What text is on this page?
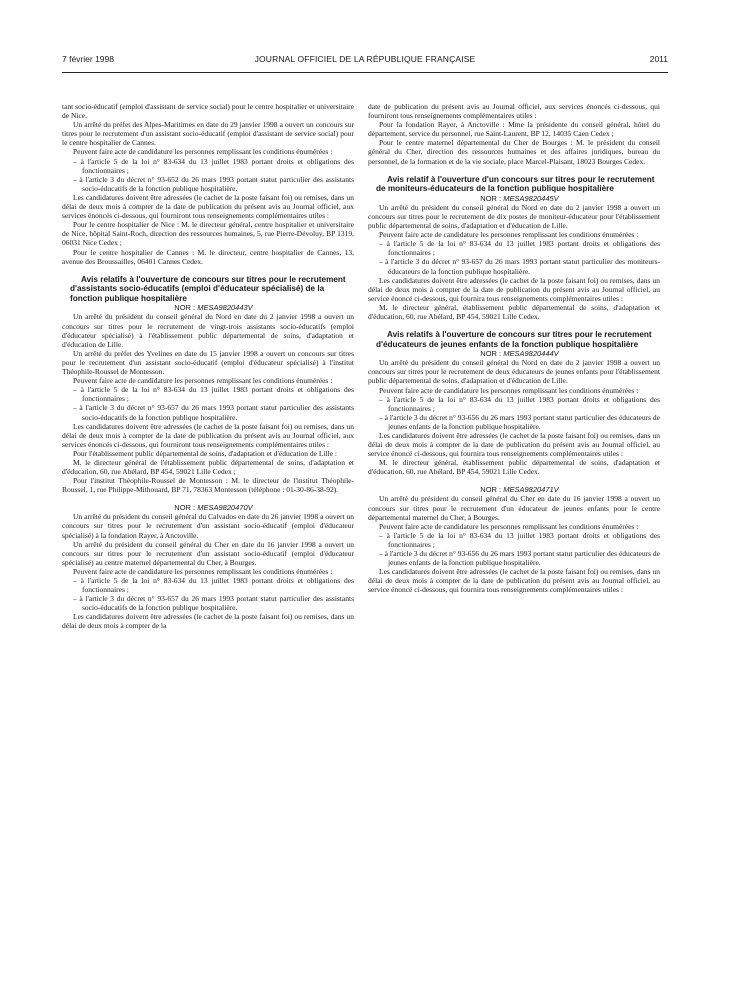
7 février 1998	JOURNAL OFFICIEL DE LA RÉPUBLIQUE FRANÇAISE	2011

tant socio-éducatif (emploi d'assistant de service social) pour le centre hospitalier et universitaire de Nice.

Un arrêté du préfet des Alpes-Maritimes en date du 29 janvier 1998 a ouvert un concours sur titres pour le recrutement d'un assistant socio-éducatif (emploi d'assistant de service social) pour le centre hospitalier de Cannes.

Peuvent faire acte de candidature les personnes remplissant les conditions énumérées :

– à l'article 5 de la loi n° 83-634 du 13 juillet 1983 portant droits et obligations des fonctionnaires ;

– à l'article 3 du décret n° 93-652 du 26 mars 1993 portant statut particulier des assistants socio-éducatifs de la fonction publique hospitalière.

Les candidatures doivent être adressées (le cachet de la poste faisant foi) ou remises, dans un délai de deux mois à compter de la date de publication du présent avis au Journal officiel, aux services énoncés ci-dessous, qui fourniront tous renseignements complémentaires utiles :

Pour le centre hospitalier de Nice : M. le directeur général, centre hospitalier et universitaire de Nice, hôpital Saint-Roch, direction des ressources humaines, 5, rue Pierre-Dévoluy, BP 1319, 06031 Nice Cedex ;

Pour le centre hospitalier de Cannes : M. le directeur, centre hospitalier de Cannes, 13, avenue des Broussailles, 06401 Cannes Cedex.

Avis relatifs à l'ouverture de concours sur titres pour le recrutement d'assistants socio-éducatifs (emploi d'éducateur spécialisé) de la fonction publique hospitalière

NOR : MESA9820443V

Un arrêté du président du conseil général du Nord en date du 2 janvier 1998 a ouvert un concours sur titres pour le recrutement de vingt-trois assistants socio-éducatifs (emploi d'éducateur spécialisé) à l'établissement public départemental de soins, d'adaptation et d'éducation de Lille.

Un arrêté du préfet des Yvelines en date du 15 janvier 1998 a ouvert un concours sur titres pour le recrutement d'un assistant socio-éducatif (emploi d'éducateur spécialisé) à l'institut Théophile-Roussel de Montesson.

Peuvent faire acte de candidature les personnes remplissant les conditions énumérées :

– à l'article 5 de la loi n° 83-634 du 13 juillet 1983 portant droits et obligations des fonctionnaires ;

– à l'article 3 du décret n° 93-657 du 26 mars 1993 portant statut particulier des assistants socio-éducatifs de la fonction publique hospitalière.

Les candidatures doivent être adressées (le cachet de la poste faisant foi) ou remises, dans un délai de deux mois à compter de la date de publication du présent avis au Journal officiel, aux services énoncés ci-dessous, qui fourniront tous renseignements complémentaires utiles :

Pour l'établissement public départemental de soins, d'adaptation et d'éducation de Lille :

M. le directeur général de l'établissement public départemental de soins, d'adaptation et d'éducation, 60, rue Abélard, BP 454, 59021 Lille Cedex ;

Pour l'institut Théophile-Roussel de Montesson : M. le directeur de l'institut Théophile-Roussel, 1, rue Philippe-Mithouard, BP 71, 78363 Montesson (téléphone : 01-30-86-38-92).

NOR : MESA9820470V

Un arrêté du président du conseil général du Calvados en date du 26 janvier 1998 a ouvert un concours sur titres pour le recrutement d'un assistant socio-éducatif (emploi d'éducateur spécialisé) à la fondation Rayer, à Anctoville.

Un arrêté du président du conseil général du Cher en date du 16 janvier 1998 a ouvert un concours sur titres pour le recrutement d'un assistant socio-éducatif (emploi d'éducateur spécialisé) au centre maternel départemental du Cher, à Bourges.

Peuvent faire acte de candidature les personnes remplissant les conditions énumérées :

– à l'article 5 de la loi n° 83-634 du 13 juillet 1983 portant droits et obligations des fonctionnaires ;

– à l'article 3 du décret n° 93-657 du 26 mars 1993 portant statut particulier des assistants socio-éducatifs de la fonction publique hospitalière.

Les candidatures doivent être adressées (le cachet de la poste faisant foi) ou remises, dans un délai de deux mois à compter de la

date de publication du présent avis au Journal officiel, aux services énoncés ci-dessous, qui fourniront tous renseignements complémentaires utiles :

Pour la fondation Rayer, à Anctoville : Mme la présidente du conseil général, hôtel du département, service du personnel, rue Saint-Laurent, BP 12, 14035 Caen Cedex ;

Pour le centre maternel départemental du Cher de Bourges : M. le président du conseil général du Cher, direction des ressources humaines et des affaires juridiques, bureau du personnel, de la formation et de la vie sociale, place Marcel-Plaisant, 18023 Bourges Cedex.

Avis relatif à l'ouverture d'un concours sur titres pour le recrutement de moniteurs-éducateurs de la fonction publique hospitalière

NOR : MESA9820445V

Un arrêté du président du conseil général du Nord en date du 2 janvier 1998 a ouvert un concours sur titres pour le recrutement de dix postes de moniteur-éducateur pour l'établissement public départemental de soins, d'adaptation et d'éducation de Lille.

Peuvent faire acte de candidature les personnes remplissant les conditions énumérées :

– à l'article 5 de la loi n° 83-634 du 13 juillet 1983 portant droits et obligations des fonctionnaires ;

– à l'article 3 du décret n° 93-657 du 26 mars 1993 portant statut particulier des moniteurs-éducateurs de la fonction publique hospitalière.

Les candidatures doivent être adressées (le cachet de la poste faisant foi) ou remises, dans un délai de deux mois à compter de la date de publication du présent avis au Journal officiel, au service énoncé ci-dessous, qui fournira tous renseignements complémentaires utiles :

M. le directeur général, établissement public départemental de soins, d'adaptation et d'éducation, 60, rue Abélard, BP 454, 59021 Lille Cedex.

Avis relatifs à l'ouverture de concours sur titres pour le recrutement d'éducateurs de jeunes enfants de la fonction publique hospitalière

NOR : MESA9820444V

Un arrêté du président du conseil général du Nord en date du 2 janvier 1998 a ouvert un concours sur titres pour le recrutement de deux éducateurs de jeunes enfants pour l'établissement public départemental de soins, d'adaptation et d'éducation de Lille.

Peuvent faire acte de candidature les personnes remplissant les conditions énumérées :

– à l'article 5 de la loi n° 83-634 du 13 juillet 1983 portant droits et obligations des fonctionnaires ;

– à l'article 3 du décret n° 93-656 du 26 mars 1993 portant statut particulier des éducateurs de jeunes enfants de la fonction publique hospitalière.

Les candidatures doivent être adressées (le cachet de la poste faisant foi) ou remises, dans un délai de deux mois à compter de la date de publication du présent avis au Journal officiel, au service énoncé ci-dessous, qui fournira tous renseignements complémentaires utiles :

M. le directeur général, établissement public départemental de soins, d'adaptation et d'éducation, 60, rue Abélard, BP 454, 59021 Lille Cedex.

NOR : MESA9820471V

Un arrêté du président du conseil général du Cher en date du 16 janvier 1998 a ouvert un concours sur titres pour le recrutement d'un éducateur de jeunes enfants pour le centre départemental maternel du Cher, à Bourges.

Peuvent faire acte de candidature les personnes remplissant les conditions énumérées :

– à l'article 5 de la loi n° 83-634 du 13 juillet 1983 portant droits et obligations des fonctionnaires ;

– à l'article 3 du décret n° 93-656 du 26 mars 1993 portant statut particulier des éducateurs de jeunes enfants de la fonction publique hospitalière.

Les candidatures doivent être adressées (le cachet de la poste faisant foi) ou remises, dans un délai de deux mois à compter de la date de publication du présent avis au Journal officiel, au service énoncé ci-dessous, qui fournira tous renseignements complémentaires utiles :
